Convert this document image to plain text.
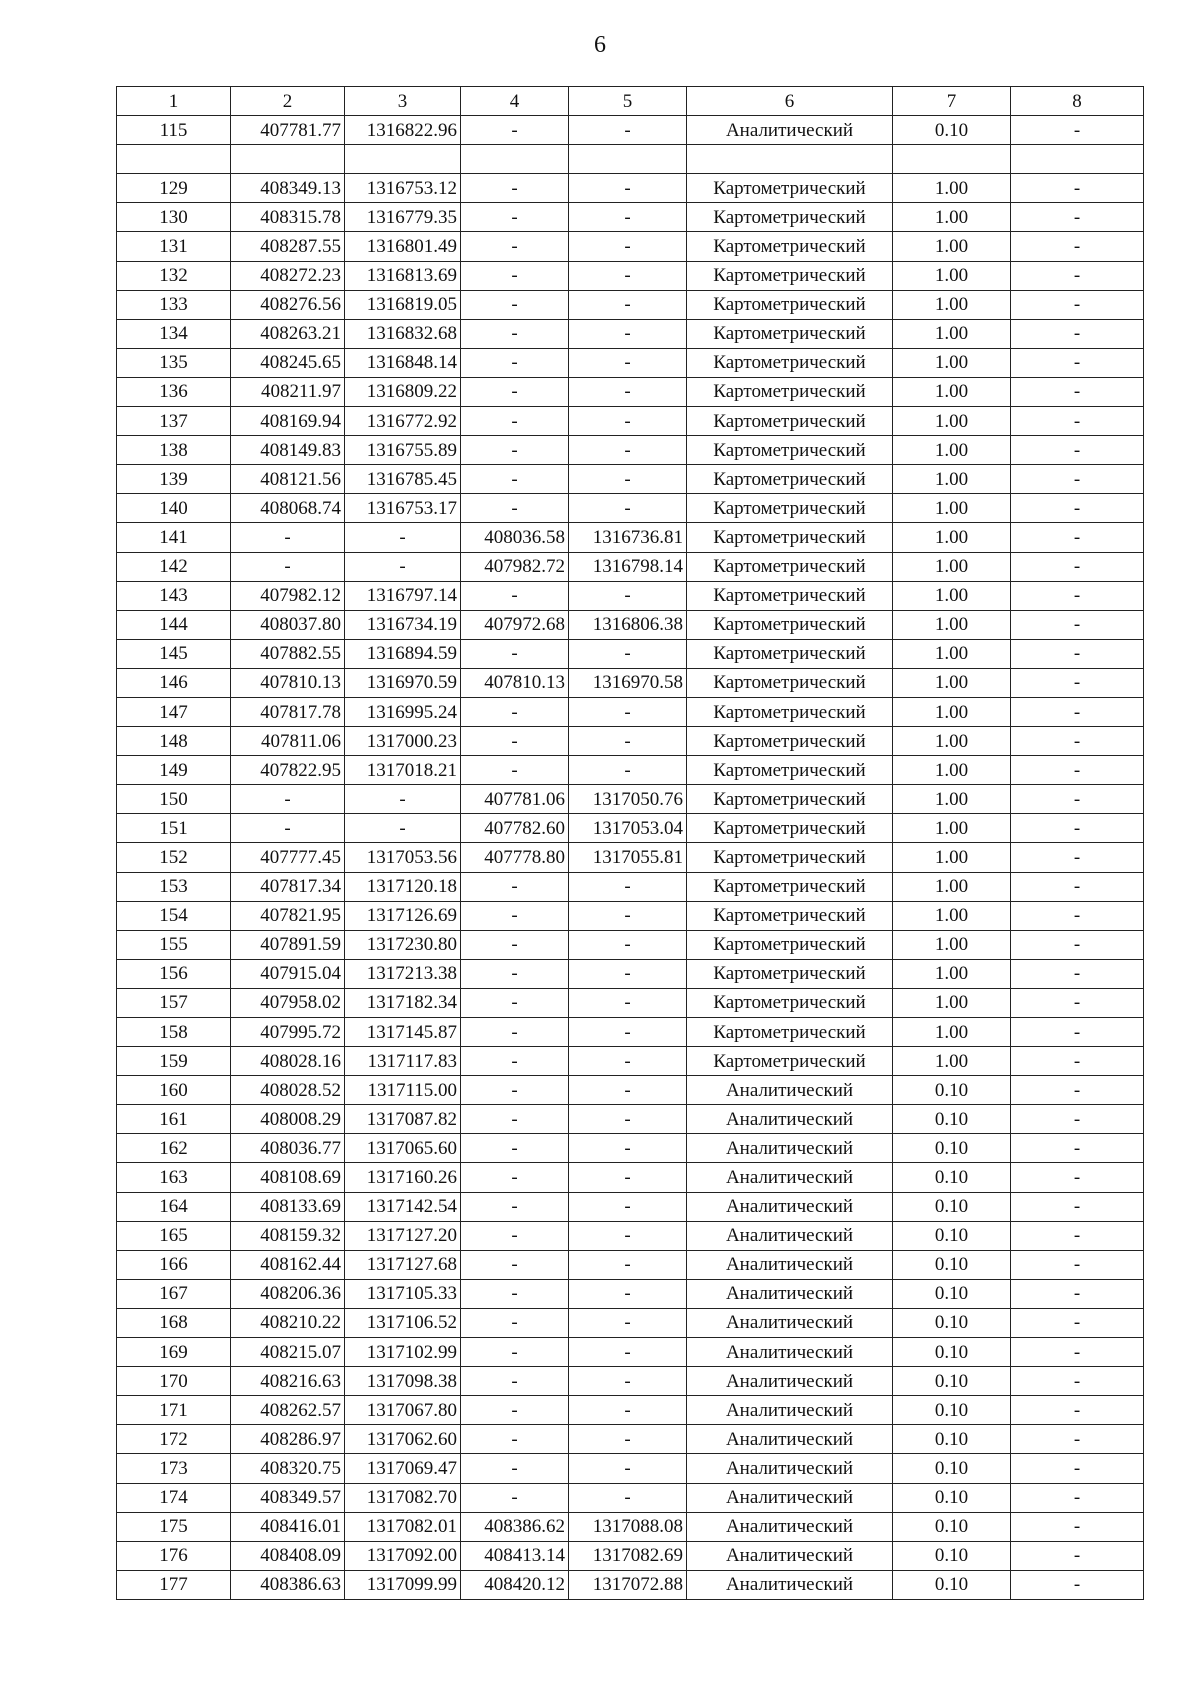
6
1	2	3	4	5	6	7	8
115	407781.77	1316822.96	-	-	Аналитический	0.10	-

129	408349.13	1316753.12	-	-	Картометрический	1.00	-
130	408315.78	1316779.35	-	-	Картометрический	1.00	-
131	408287.55	1316801.49	-	-	Картометрический	1.00	-
132	408272.23	1316813.69	-	-	Картометрический	1.00	-
133	408276.56	1316819.05	-	-	Картометрический	1.00	-
134	408263.21	1316832.68	-	-	Картометрический	1.00	-
135	408245.65	1316848.14	-	-	Картометрический	1.00	-
136	408211.97	1316809.22	-	-	Картометрический	1.00	-
137	408169.94	1316772.92	-	-	Картометрический	1.00	-
138	408149.83	1316755.89	-	-	Картометрический	1.00	-
139	408121.56	1316785.45	-	-	Картометрический	1.00	-
140	408068.74	1316753.17	-	-	Картометрический	1.00	-
141	-	-	408036.58	1316736.81	Картометрический	1.00	-
142	-	-	407982.72	1316798.14	Картометрический	1.00	-
143	407982.12	1316797.14	-	-	Картометрический	1.00	-
144	408037.80	1316734.19	407972.68	1316806.38	Картометрический	1.00	-
145	407882.55	1316894.59	-	-	Картометрический	1.00	-
146	407810.13	1316970.59	407810.13	1316970.58	Картометрический	1.00	-
147	407817.78	1316995.24	-	-	Картометрический	1.00	-
148	407811.06	1317000.23	-	-	Картометрический	1.00	-
149	407822.95	1317018.21	-	-	Картометрический	1.00	-
150	-	-	407781.06	1317050.76	Картометрический	1.00	-
151	-	-	407782.60	1317053.04	Картометрический	1.00	-
152	407777.45	1317053.56	407778.80	1317055.81	Картометрический	1.00	-
153	407817.34	1317120.18	-	-	Картометрический	1.00	-
154	407821.95	1317126.69	-	-	Картометрический	1.00	-
155	407891.59	1317230.80	-	-	Картометрический	1.00	-
156	407915.04	1317213.38	-	-	Картометрический	1.00	-
157	407958.02	1317182.34	-	-	Картометрический	1.00	-
158	407995.72	1317145.87	-	-	Картометрический	1.00	-
159	408028.16	1317117.83	-	-	Картометрический	1.00	-
160	408028.52	1317115.00	-	-	Аналитический	0.10	-
161	408008.29	1317087.82	-	-	Аналитический	0.10	-
162	408036.77	1317065.60	-	-	Аналитический	0.10	-
163	408108.69	1317160.26	-	-	Аналитический	0.10	-
164	408133.69	1317142.54	-	-	Аналитический	0.10	-
165	408159.32	1317127.20	-	-	Аналитический	0.10	-
166	408162.44	1317127.68	-	-	Аналитический	0.10	-
167	408206.36	1317105.33	-	-	Аналитический	0.10	-
168	408210.22	1317106.52	-	-	Аналитический	0.10	-
169	408215.07	1317102.99	-	-	Аналитический	0.10	-
170	408216.63	1317098.38	-	-	Аналитический	0.10	-
171	408262.57	1317067.80	-	-	Аналитический	0.10	-
172	408286.97	1317062.60	-	-	Аналитический	0.10	-
173	408320.75	1317069.47	-	-	Аналитический	0.10	-
174	408349.57	1317082.70	-	-	Аналитический	0.10	-
175	408416.01	1317082.01	408386.62	1317088.08	Аналитический	0.10	-
176	408408.09	1317092.00	408413.14	1317082.69	Аналитический	0.10	-
177	408386.63	1317099.99	408420.12	1317072.88	Аналитический	0.10	-
